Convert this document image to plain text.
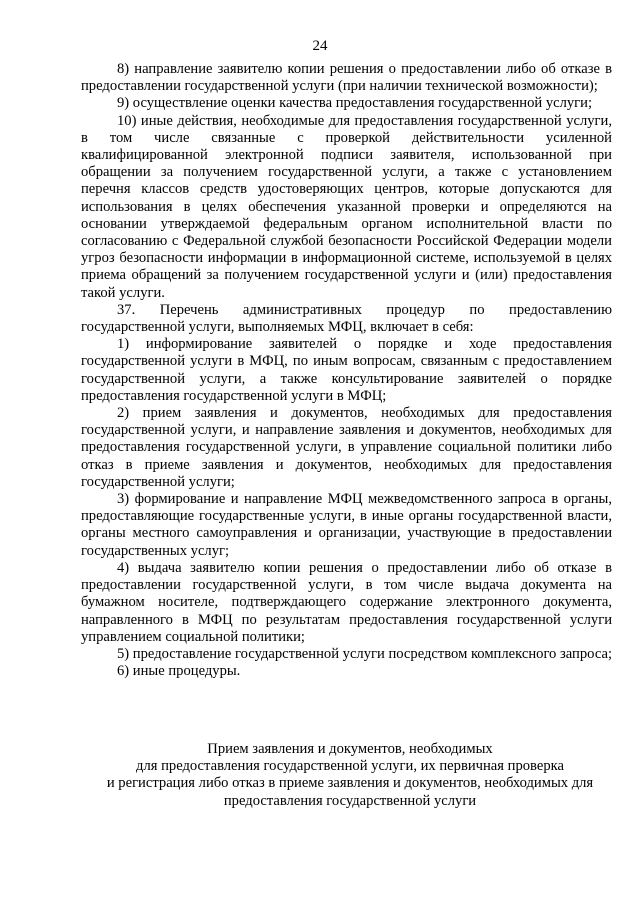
24

8) направление заявителю копии решения о предоставлении либо об отказе в предоставлении государственной услуги (при наличии технической возможности);

9) осуществление оценки качества предоставления государственной услуги;

10) иные действия, необходимые для предоставления государственной услуги, в том числе связанные с проверкой действительности усиленной квалифицированной электронной подписи заявителя, использованной при обращении за получением государственной услуги, а также с установлением перечня классов средств удостоверяющих центров, которые допускаются для использования в целях обеспечения указанной проверки и определяются на основании утверждаемой федеральным органом исполнительной власти по согласованию с Федеральной службой безопасности Российской Федерации модели угроз безопасности информации в информационной системе, используемой в целях приема обращений за получением государственной услуги и (или) предоставления такой услуги.

37. Перечень административных процедур по предоставлению государственной услуги, выполняемых МФЦ, включает в себя:

1) информирование заявителей о порядке и ходе предоставления государственной услуги в МФЦ, по иным вопросам, связанным с предоставлением государственной услуги, а также консультирование заявителей о порядке предоставления государственной услуги в МФЦ;

2) прием заявления и документов, необходимых для предоставления государственной услуги, и направление заявления и документов, необходимых для предоставления государственной услуги, в управление социальной политики либо отказ в приеме заявления и документов, необходимых для предоставления государственной услуги;

3) формирование и направление МФЦ межведомственного запроса в органы, предоставляющие государственные услуги, в иные органы государственной власти, органы местного самоуправления и организации, участвующие в предоставлении государственных услуг;

4) выдача заявителю копии решения о предоставлении либо об отказе в предоставлении государственной услуги, в том числе выдача документа на бумажном носителе, подтверждающего содержание электронного документа, направленного в МФЦ по результатам предоставления государственной услуги управлением социальной политики;

5) предоставление государственной услуги посредством комплексного запроса;

6) иные процедуры.

Прием заявления и документов, необходимых
для предоставления государственной услуги, их первичная проверка
и регистрация либо отказ в приеме заявления и документов, необходимых для
предоставления государственной услуги
